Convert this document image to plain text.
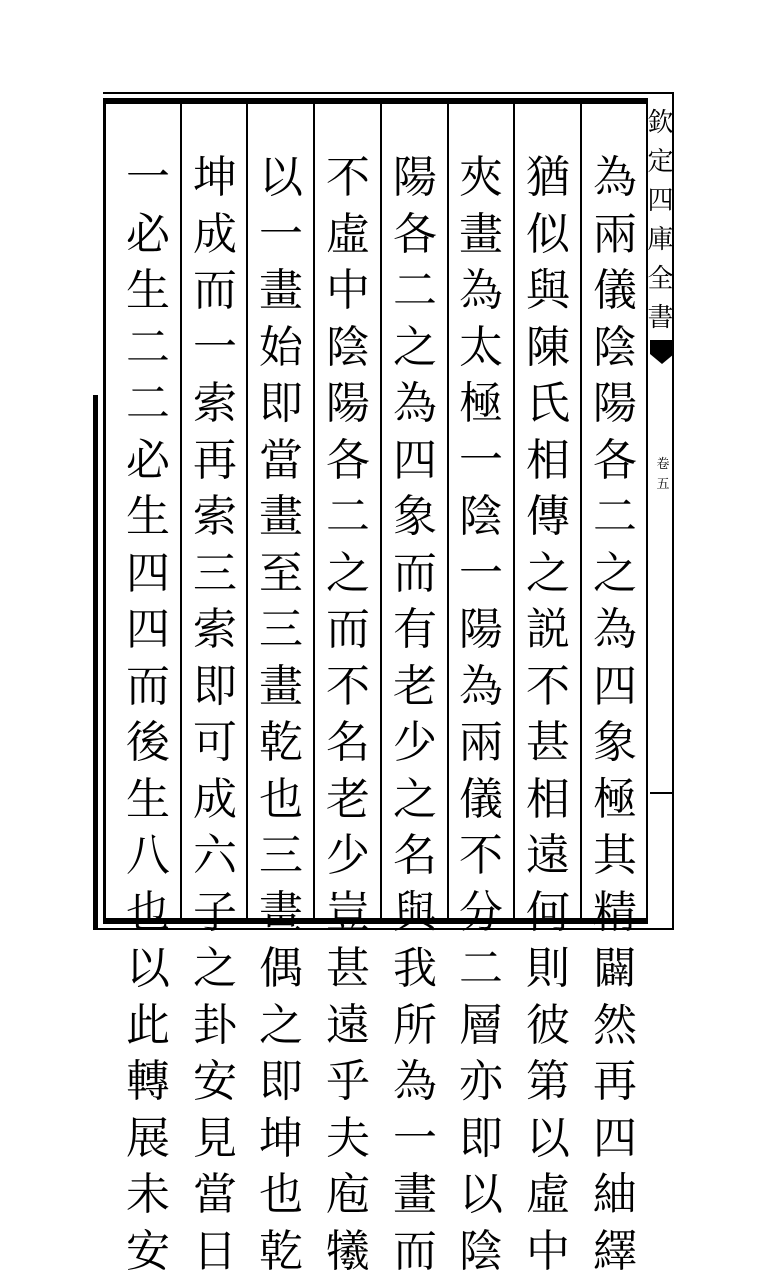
為
兩
儀
陰
陽
各
二
之
為
四
象
極
其
精
闢
然
再
四
紬
繹
猶
似
與
陳
氏
相
傳
之
説
不
甚
相
遠
何
則
彼
第
以
虛
中
夾
畫
為
太
極
一
陰
一
陽
為
兩
儀
不
分
二
層
亦
即
以
陰
陽
各
二
之
為
四
象
而
有
老
少
之
名
與
我
所
為
一
畫
而
不
虛
中
陰
陽
各
二
之
而
不
名
老
少
豈
甚
遠
乎
夫
庖
犧
以
一
畫
始
即
當
畫
至
三
畫
乾
也
三
畫
偶
之
即
坤
也
乾
坤
成
而
一
索
再
索
三
索
即
可
成
六
子
之
卦
安
見
當
日
一
必
生
二
二
必
生
四
四
而
後
生
八
也
以
此
轉
展
未
安
欽
定
四
庫
全
書
卷
五
